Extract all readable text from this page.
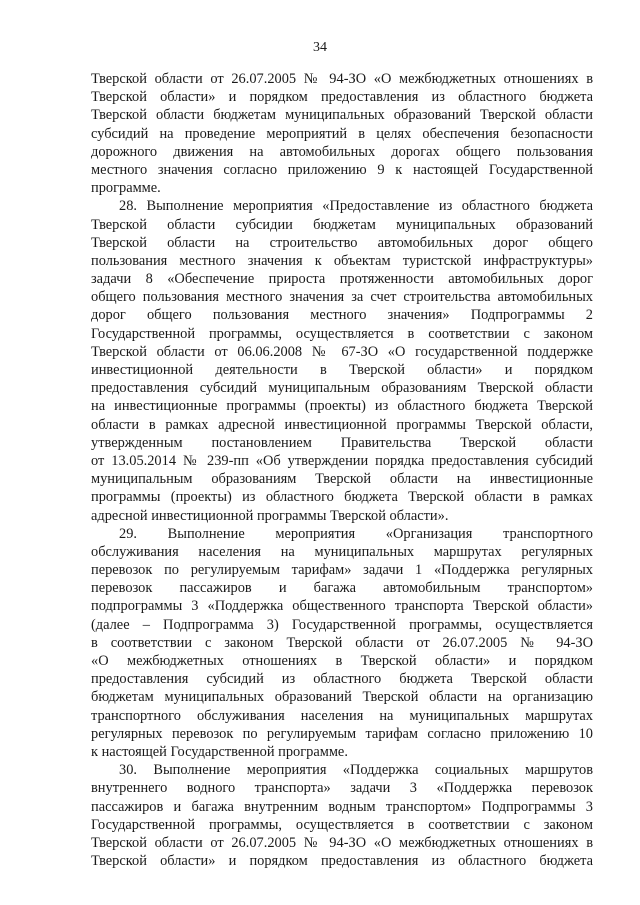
34
Тверской области от 26.07.2005 № 94-ЗО «О межбюджетных отношениях в
Тверской области» и порядком предоставления из областного бюджета
Тверской области бюджетам муниципальных образований Тверской области
субсидий на проведение мероприятий в целях обеспечения безопасности
дорожного движения на автомобильных дорогах общего пользования
местного значения согласно приложению 9 к настоящей Государственной
программе.
28. Выполнение мероприятия «Предоставление из областного бюджета
Тверской области субсидии бюджетам муниципальных образований
Тверской области на строительство автомобильных дорог общего
пользования местного значения к объектам туристской инфраструктуры»
задачи 8 «Обеспечение прироста протяженности автомобильных дорог
общего пользования местного значения за счет строительства автомобильных
дорог общего пользования местного значения» Подпрограммы 2
Государственной программы, осуществляется в соответствии с законом
Тверской области от 06.06.2008 № 67-ЗО «О государственной поддержке
инвестиционной деятельности в Тверской области» и порядком
предоставления субсидий муниципальным образованиям Тверской области
на инвестиционные программы (проекты) из областного бюджета Тверской
области в рамках адресной инвестиционной программы Тверской области,
утвержденным постановлением Правительства Тверской области
от 13.05.2014 № 239-пп «Об утверждении порядка предоставления субсидий
муниципальным образованиям Тверской области на инвестиционные
программы (проекты) из областного бюджета Тверской области в рамках
адресной инвестиционной программы Тверской области».
29. Выполнение мероприятия «Организация транспортного
обслуживания населения на муниципальных маршрутах регулярных
перевозок по регулируемым тарифам» задачи 1 «Поддержка регулярных
перевозок пассажиров и багажа автомобильным транспортом»
подпрограммы 3 «Поддержка общественного транспорта Тверской области»
(далее – Подпрограмма 3) Государственной программы, осуществляется
в соответствии с законом Тверской области от 26.07.2005 № 94-ЗО
«О межбюджетных отношениях в Тверской области» и порядком
предоставления субсидий из областного бюджета Тверской области
бюджетам муниципальных образований Тверской области на организацию
транспортного обслуживания населения на муниципальных маршрутах
регулярных перевозок по регулируемым тарифам согласно приложению 10
к настоящей Государственной программе.
30. Выполнение мероприятия «Поддержка социальных маршрутов
внутреннего водного транспорта» задачи 3 «Поддержка перевозок
пассажиров и багажа внутренним водным транспортом» Подпрограммы 3
Государственной программы, осуществляется в соответствии с законом
Тверской области от 26.07.2005 № 94-ЗО «О межбюджетных отношениях в
Тверской области» и порядком предоставления из областного бюджета
